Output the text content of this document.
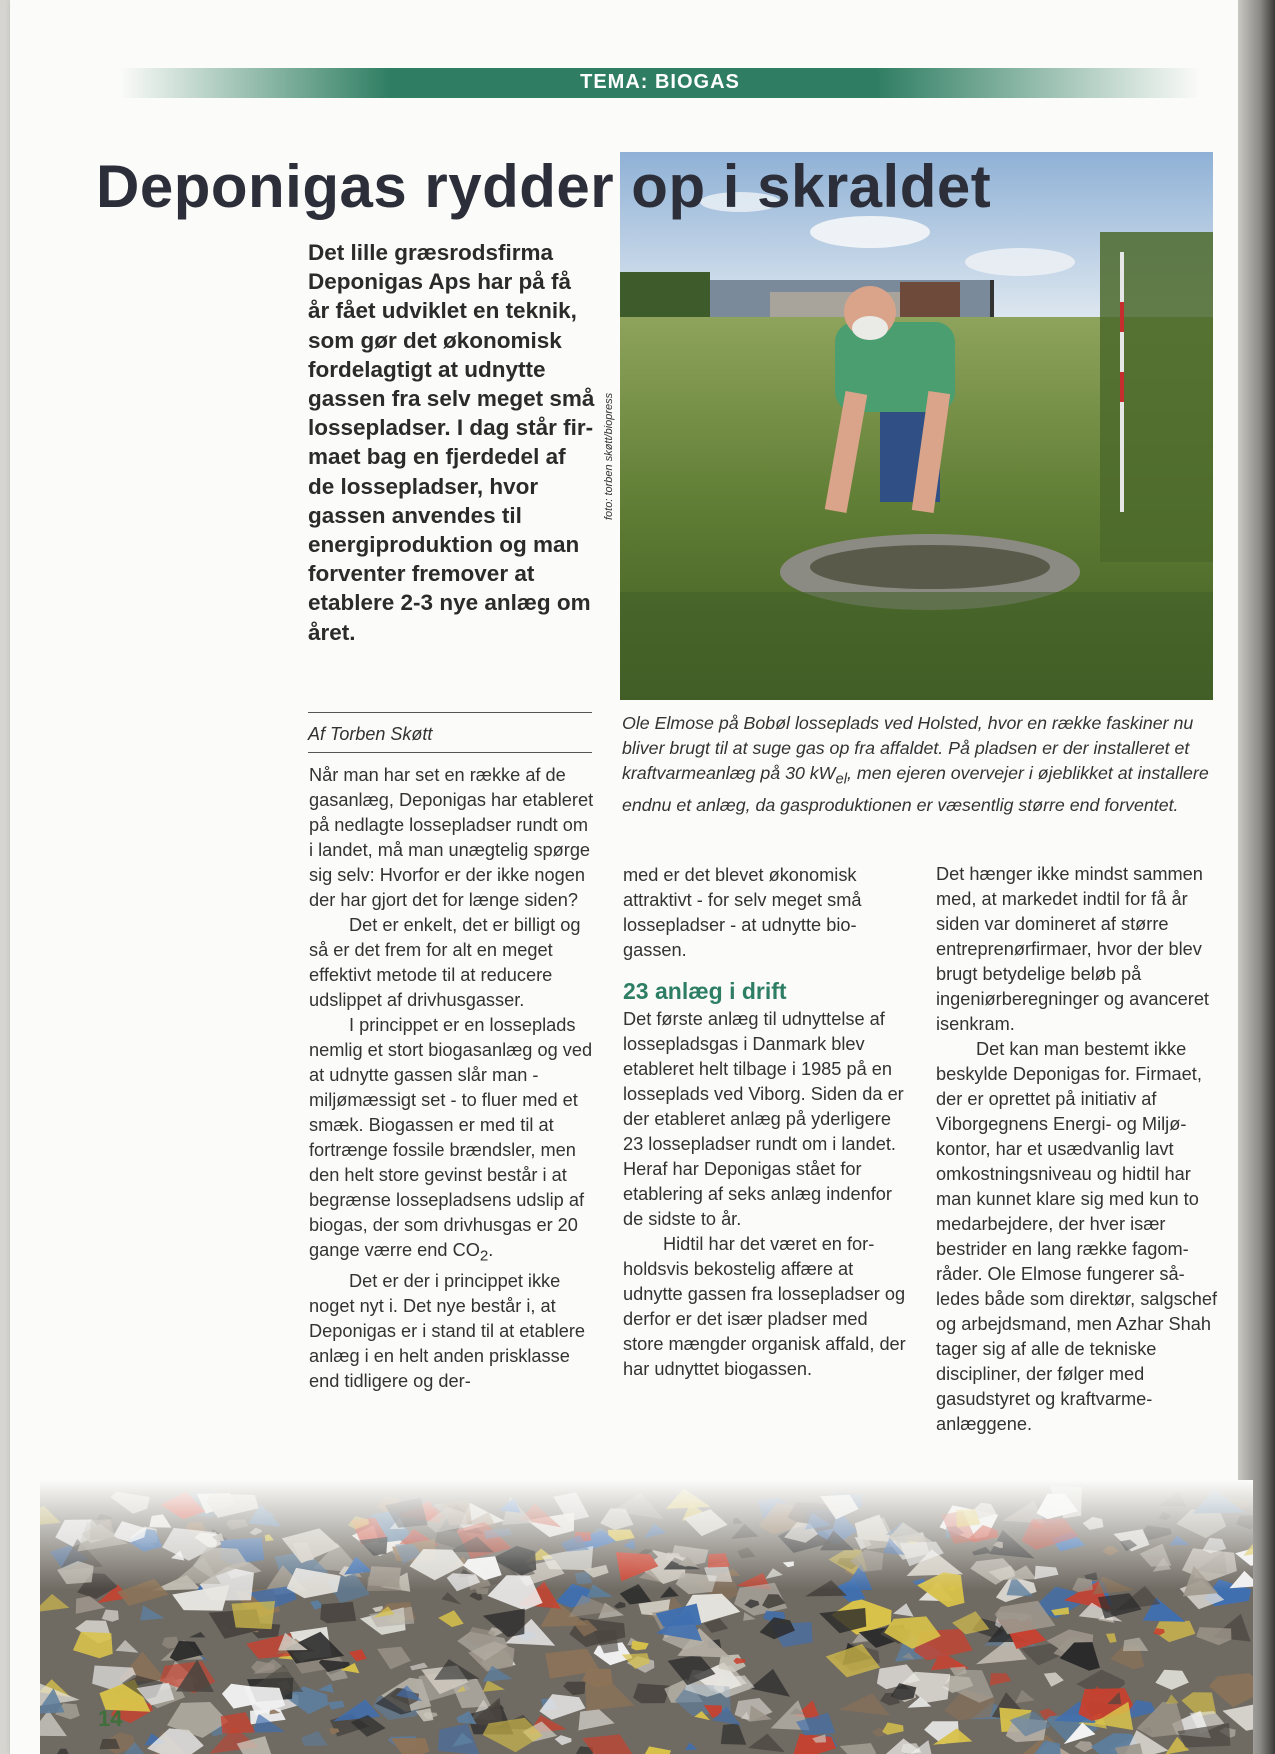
TEMA: BIOGAS
foto: torben skøtt/biopress
Deponigas rydder op i skraldet
Det lille græsrodsfirma Deponigas Aps har på få år fået udviklet en teknik, som gør det økonomisk fordelagtigt at udnytte gassen fra selv meget små lossepladser. I dag står firmaet bag en fjerdedel af de lossepladser, hvor gassen anvendes til energiproduktion og man forventer fremover at etablere 2-3 nye anlæg om året.
Af Torben Skøtt
Ole Elmose på Bobøl losseplads ved Holsted, hvor en række faskiner nu bliver brugt til at suge gas op fra affaldet. På pladsen er der installeret et kraftvarmeanlæg på 30 $kW_{el}$, men ejeren overvejer i øjeblikket at installere endnu et anlæg, da gasproduktionen er væsentlig større end forventet.

Når man har set en række af de gasanlæg, Deponigas har etableret på nedlagte lossepladser rundt om i landet, må man unægtelig spørge sig selv: Hvorfor er der ikke nogen der har gjort det for længe siden?

Det er enkelt, det er billigt og så er det frem for alt en meget effektivt metode til at reducere udslippet af drivhusgasser.

I princippet er en losseplads nemlig et stort biogasanlæg og ved at udnytte gassen slår man - miljømæssigt set - to fluer med et smæk. Biogassen er med til at fortrænge fossile brændsler, men den helt store gevinst består i at begrænse lossepladsens udslip af biogas, der som drivhusgas er 20 gange værre end $CO_2$.

Det er der i princippet ikke noget nyt i. Det nye består i, at Deponigas er i stand til at etablere anlæg i en helt anden prisklasse end tidligere og der-

med er det blevet økonomisk attraktivt - for selv meget små lossepladser - at udnytte biogassen.

23 anlæg i drift

Det første anlæg til udnyttelse af lossepladsgas i Danmark blev etableret helt tilbage i 1985 på en losseplads ved Viborg. Siden da er der etableret anlæg på yderligere 23 lossepladser rundt om i landet. Heraf har Deponigas stået for etablering af seks anlæg indenfor de sidste to år.

Hidtil har det været en forholdsvis bekostelig affære at udnytte gassen fra lossepladser og derfor er det især pladser med store mængder organisk affald, der har udnyttet biogassen.

Det hænger ikke mindst sammen med, at markedet indtil for få år siden var domineret af større entreprenørfirmaer, hvor der blev brugt betydelige beløb på ingeniørberegninger og avanceret isenkram.

Det kan man bestemt ikke beskylde Deponigas for. Firmaet, der er oprettet på initiativ af Viborgegnens Energi- og Miljøkontor, har et usædvanlig lavt omkostningsniveau og hidtil har man kunnet klare sig med kun to medarbejdere, der hver især bestrider en lang række fagområder. Ole Elmose fungerer således både som direktør, salgschef og arbejdsmand, men Azhar Shah tager sig af alle de tekniske discipliner, der følger med gasudstyret og kraftvarmeanlæggene.

14
